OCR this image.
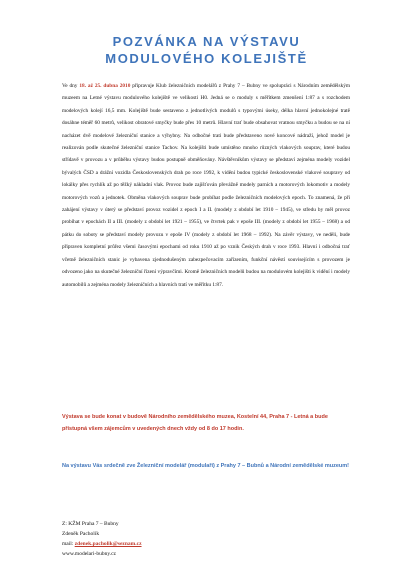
POZVÁNKA NA VÝSTAVU
MODULOVÉHO KOLEJIŠTĚ
Ve dny 18. až 25. dubna 2010 připravuje Klub železničních modelářů z Prahy 7 – Bubny ve spolupráci s Národním zemědělským muzeem na Letné výstavu modulového kolejiště ve velikosti H0. Jedná se o moduly s měřítkem zmenšení 1:87 a s rozchodem modelových kolejí 16,5 mm. Kolejiště bude sestaveno z jednotlivých modulů s typovými úseky, délka hlavní jednokolejné tratě dosáhne téměř 60 metrů, velikost obratové smyčky bude přes 10 metrů. Hlavní trať bude obsahovat vratnou smyčku a budou se na ní nacházet dvě modelové železniční stanice a výhybny. Na odbočné trati bude představeno nové koncové nádraží, jehož model je realizován podle skutečné železniční stanice Tachov. Na kolejišti bude umístěno mnoho různých vlakových souprav, které budou střídavě v provozu a v průběhu výstavy budou postupně obměňovány. Návštěvníkům výstavy se představí zejména modely vozidel bývalých ČSD a drážní vozidla Československých drah po roce 1992, k vidění budou typické československé vlakové soupravy od lokálky přes rychlík až po těžký nákladní vlak. Provoz bude zajišťován převážně modely parních a motorových lokomotiv a modely motorových vozů a jednotek. Obměna vlakových souprav bude probíhat podle železničních modelových epoch. To znamená, že při zahájení výstavy v úterý se představí provoz vozidel z epoch I a II. (modely z období let 1910 – 1945), ve středu by měl provoz probíhat v epochách II a III. (modely z období let 1921 – 1955), ve čtvrtek pak v epoše III. (modely z období let 1955 – 1968) a od pátku do soboty se představí modely provozu v epoše IV (modely z období let 1968 – 1992). Na závěr výstavy, ve neděli, bude připraven kompletní průřez všemi časovými epochami od roku 1910 až po vznik Českých drah v roce 1993. Hlavní i odbočná trať včetně železničních stanic je vybavena zjednodušeným zabezpečovacím zařízením, funkční návěstí souvisejícím s provozem je odvozeno jako na skutečné železniční řízení výpravčími. Kromě železničních modelů budou na modulovém kolejišti k vidění i modely automobilů a zejména modely železničních a hlavních tratí ve měřítku 1:87.
Výstava se bude konat v budově Národního zemědělského muzea, Kostelní 44, Praha 7 - Letná a bude přístupná všem zájemcům v uvedených dnech vždy od 8 do 17 hodin.
Na výstavu Vás srdečně zve Železniční modelář (modulaři) z Prahy 7 – Bubnů a Národní zemědělské muzeum!
Z: KŽM Praha 7 – Bubny
Zdeněk Pacholík
mail: zdenek.pacholik@seznam.cz
www.modelari-bubny.cz
